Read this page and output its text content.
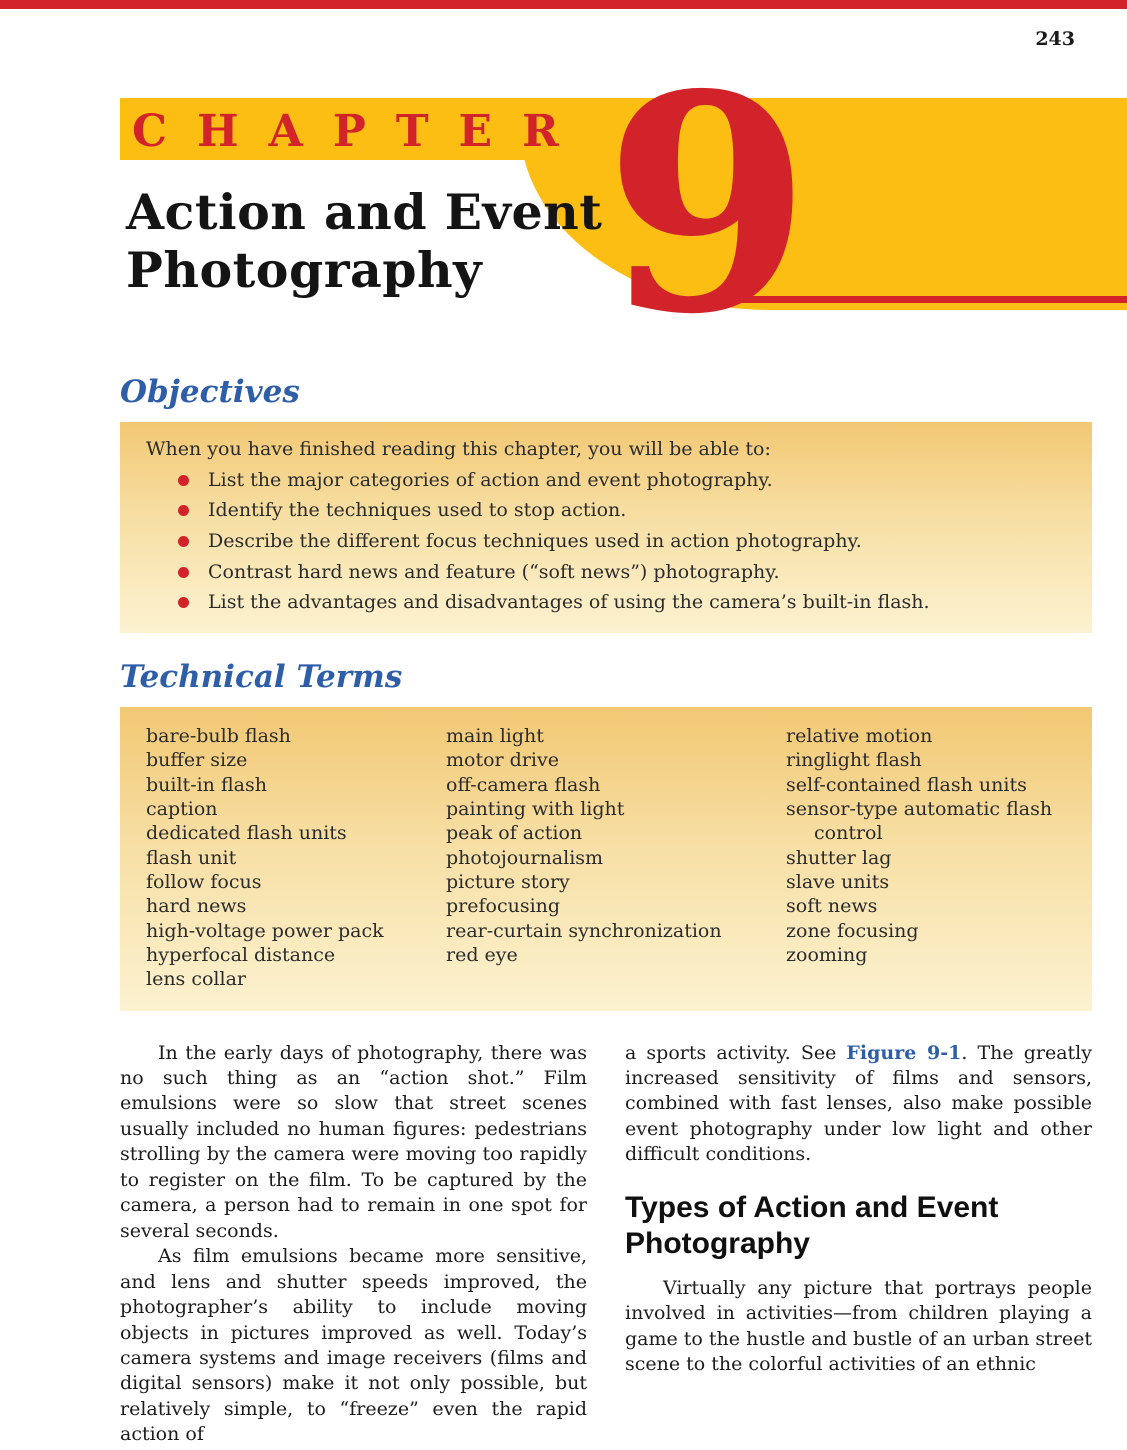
243
CHAPTER 9
Action and Event
Photography
Objectives
When you have finished reading this chapter, you will be able to:
List the major categories of action and event photography.
Identify the techniques used to stop action.
Describe the different focus techniques used in action photography.
Contrast hard news and feature (“soft news”) photography.
List the advantages and disadvantages of using the camera’s built-in flash.
Technical Terms
bare-bulb flash
buffer size
built-in flash
caption
dedicated flash units
flash unit
follow focus
hard news
high-voltage power pack
hyperfocal distance
lens collar
main light
motor drive
off-camera flash
painting with light
peak of action
photojournalism
picture story
prefocusing
rear-curtain synchronization
red eye
relative motion
ringlight flash
self-contained flash units
sensor-type automatic flash control
shutter lag
slave units
soft news
zone focusing
zooming

In the early days of photography, there was no such thing as an “action shot.” Film emulsions were so slow that street scenes usually included no human figures: pedestrians strolling by the camera were moving too rapidly to register on the film. To be captured by the camera, a person had to remain in one spot for several seconds.

As film emulsions became more sensitive, and lens and shutter speeds improved, the photographer’s ability to include moving objects in pictures improved as well. Today’s camera systems and image receivers (films and digital sensors) make it not only possible, but relatively simple, to “freeze” even the rapid action of

a sports activity. See Figure 9-1. The greatly increased sensitivity of films and sensors, combined with fast lenses, also make possible event photography under low light and other difficult conditions.

Types of Action and Event Photography

Virtually any picture that portrays people involved in activities—from children playing a game to the hustle and bustle of an urban street scene to the colorful activities of an ethnic
